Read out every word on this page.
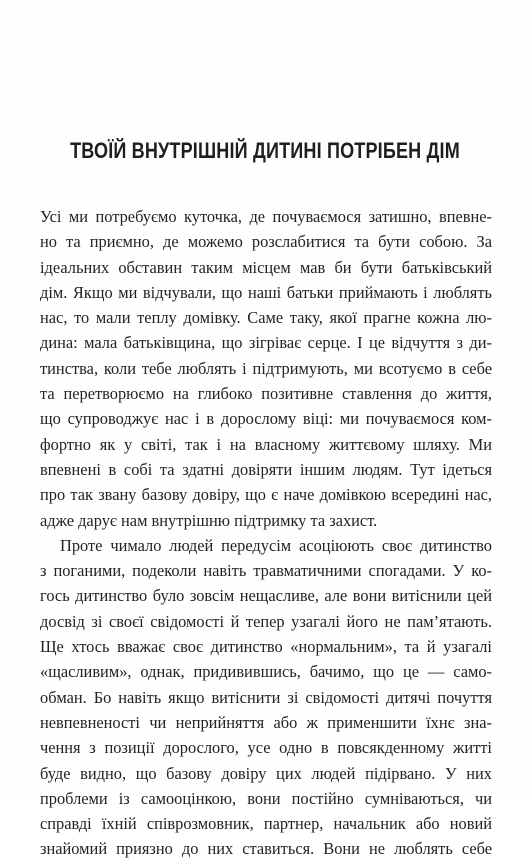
ТВОЇЙ ВНУТРІШНІЙ ДИТИНІ ПОТРІБЕН ДІМ
Усі ми потребуємо куточка, де почуваємося затишно, впевне-
но та приємно, де можемо розслабитися та бути собою. За
ідеальних обставин таким місцем мав би бути батьківський
дім. Якщо ми відчували, що наші батьки приймають і люблять
нас, то мали теплу домівку. Саме таку, якої прагне кожна лю-
дина: мала батьківщина, що зігріває серце. І це відчуття з ди-
тинства, коли тебе люблять і підтримують, ми всотуємо в себе
та перетворюємо на глибоко позитивне ставлення до життя,
що супроводжує нас і в дорослому віці: ми почуваємося ком-
фортно як у світі, так і на власному життєвому шляху. Ми
впевнені в собі та здатні довіряти іншим людям. Тут ідеться
про так звану базову довіру, що є наче домівкою всередині нас,
адже дарує нам внутрішню підтримку та захист.
Проте чимало людей передусім асоціюють своє дитинство
з поганими, подеколи навіть травматичними спогадами. У ко-
гось дитинство було зовсім нещасливе, але вони витіснили цей
досвід зі своєї свідомості й тепер узагалі його не пам’ятають.
Ще хтось вважає своє дитинство «нормальним», та й узагалі
«щасливим», однак, придивившись, бачимо, що це — само-
обман. Бо навіть якщо витіснити зі свідомості дитячі почуття
невпевненості чи неприйняття або ж применшити їхнє зна-
чення з позиції дорослого, усе одно в повсякденному житті
буде видно, що базову довіру цих людей підірвано. У них
проблеми із самооцінкою, вони постійно сумніваються, чи
справді їхній співрозмовник, партнер, начальник або новий
знайомий приязно до них ставиться. Вони не люблять себе
